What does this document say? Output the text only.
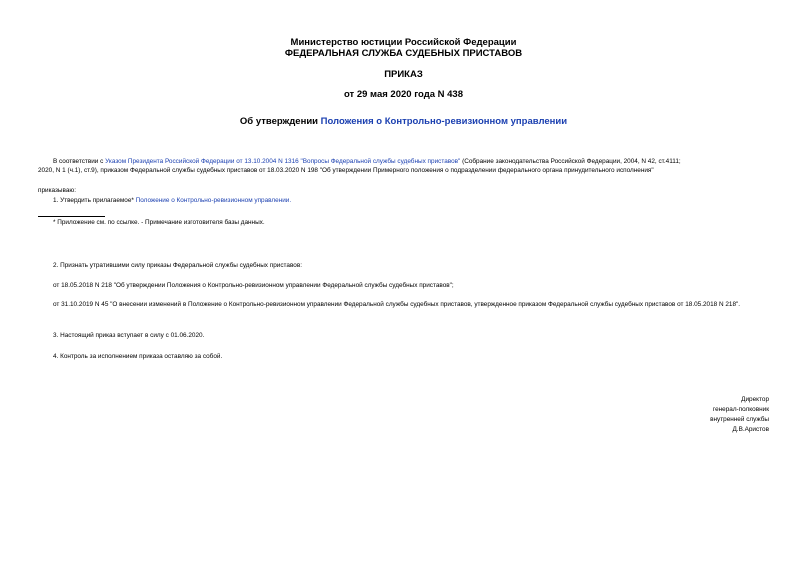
Министерство юстиции Российской Федерации
ФЕДЕРАЛЬНАЯ СЛУЖБА СУДЕБНЫХ ПРИСТАВОВ
ПРИКАЗ
от 29 мая 2020 года N 438
Об утверждении Положения о Контрольно-ревизионном управлении
В соответствии с Указом Президента Российской Федерации от 13.10.2004 N 1316 "Вопросы Федеральной службы судебных приставов" (Собрание законодательства Российской Федерации, 2004, N 42, ст.4111;
2020, N 1 (ч.1), ст.9), приказом Федеральной службы судебных приставов от 18.03.2020 N 198 "Об утверждении Примерного положения о подразделении федерального органа принудительного исполнения"
приказываю:
1. Утвердить прилагаемое* Положение о Контрольно-ревизионном управлении.
* Приложение см. по ссылке. - Примечание изготовителя базы данных.
2. Признать утратившими силу приказы Федеральной службы судебных приставов:
от 18.05.2018 N 218 "Об утверждении Положения о Контрольно-ревизионном управлении Федеральной службы судебных приставов";
от 31.10.2019 N 45 "О внесении изменений в Положение о Контрольно-ревизионном управлении Федеральной службы судебных приставов, утвержденное приказом Федеральной службы судебных приставов от 18.05.2018 N 218".
3. Настоящий приказ вступает в силу с 01.06.2020.
4. Контроль за исполнением приказа оставляю за собой.
Директор
генерал-полковник
внутренней службы
Д.В.Аристов
